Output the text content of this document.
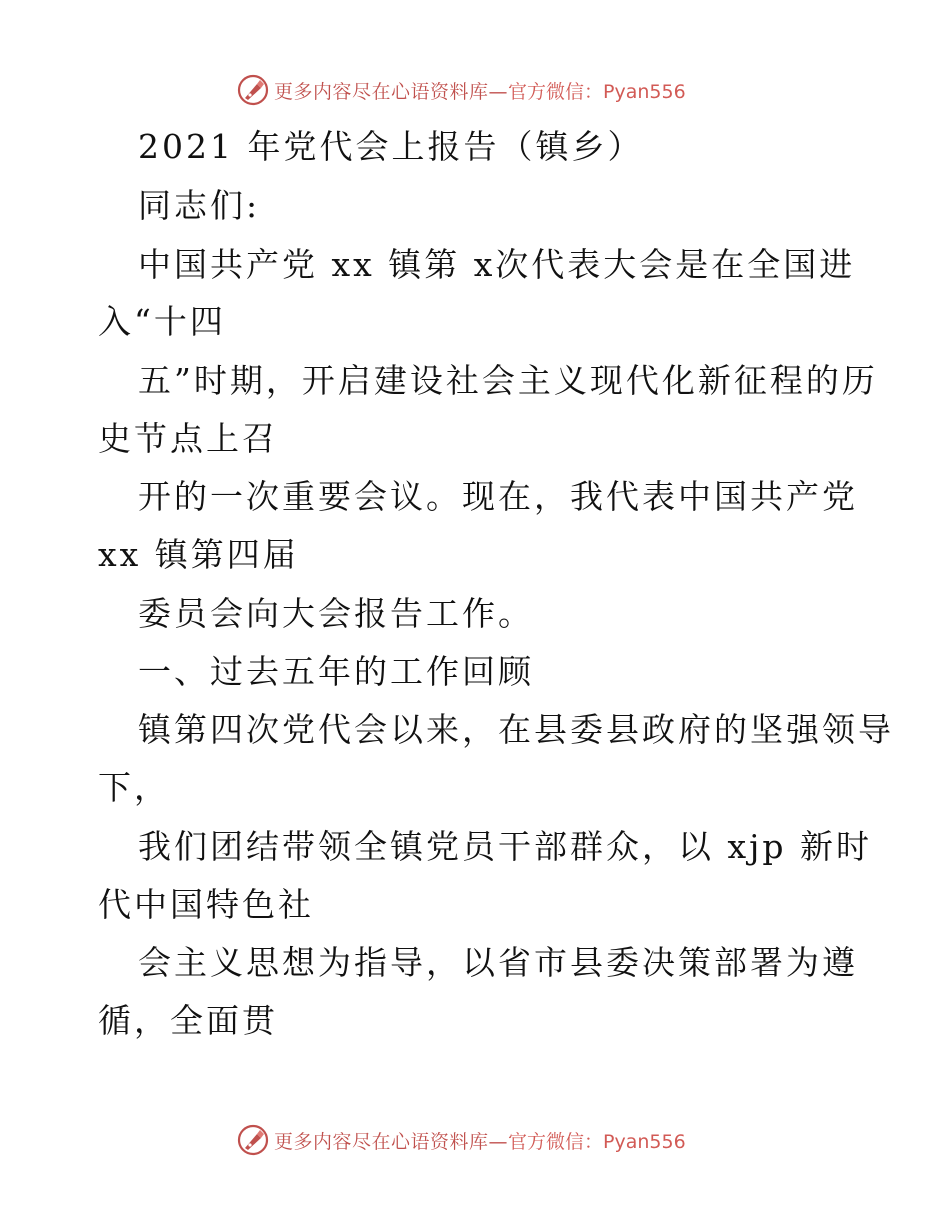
更多内容尽在心语资料库— 官方微信：Pyan556
2021 年党代会上报告（镇乡）
同志们:
中国共产党 xx 镇第 x次代表大会是在全国进
入“十四
五”时期，开启建设社会主义现代化新征程的历
史节点上召
开的一次重要会议。现在，我代表中国共产党
xx 镇第四届
委员会向大会报告工作。
一、过去五年的工作回顾
镇第四次党代会以来，在县委县政府的坚强领导
下，
我们团结带领全镇党员干部群众，以 xjp 新时
代中国特色社
会主义思想为指导，以省市县委决策部署为遵
循，全面贯
更多内容尽在心语资料库— 官方微信：Pyan556
